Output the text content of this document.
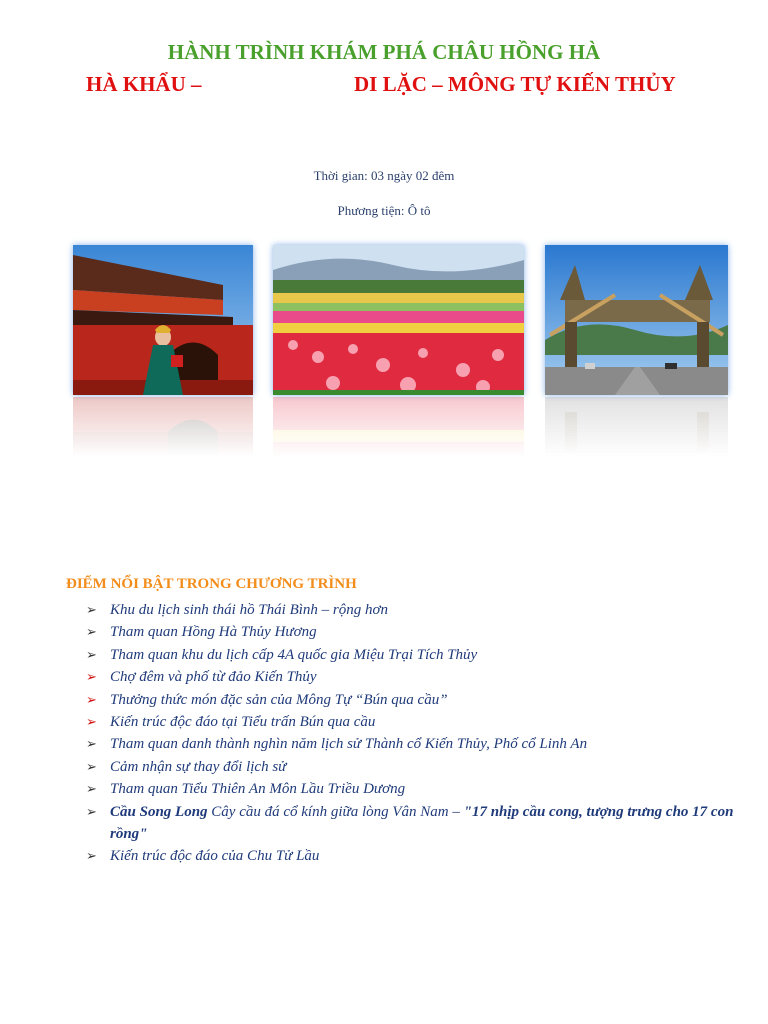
HÀNH TRÌNH KHÁM PHÁ CHÂU HỒNG HÀ
HÀ KHẨU –	DI LẶC – MÔNG TỰ KIẾN THỦY
Thời gian: 03 ngày 02 đêm
Phương tiện: Ô tô
ĐIỂM NỔI BẬT TRONG CHƯƠNG TRÌNH
➢ Khu du lịch sinh thái hồ Thái Bình – rộng hơn
➢ Tham quan Hồng Hà Thủy Hương
➢ Tham quan khu du lịch cấp 4A quốc gia Miệu Trại Tích Thủy
➢ Chợ đêm và phố từ đảo Kiến Thủy
➢ Thưởng thức món đặc sản của Mông Tự “Bún qua cầu”
➢ Kiến trúc độc đáo tại Tiểu trấn Bún qua cầu
➢ Tham quan danh thành nghìn năm lịch sử Thành cổ Kiến Thủy, Phố cổ Linh An
➢ Cảm nhận sự thay đổi lịch sử
➢ Tham quan Tiểu Thiên An Môn Lầu Triều Dương
➢ Cầu Song Long Cây cầu đá cổ kính giữa lòng Vân Nam – "17 nhịp cầu cong, tượng trưng cho 17 con rồng"
➢ Kiến trúc độc đáo của Chu Tử Lầu
